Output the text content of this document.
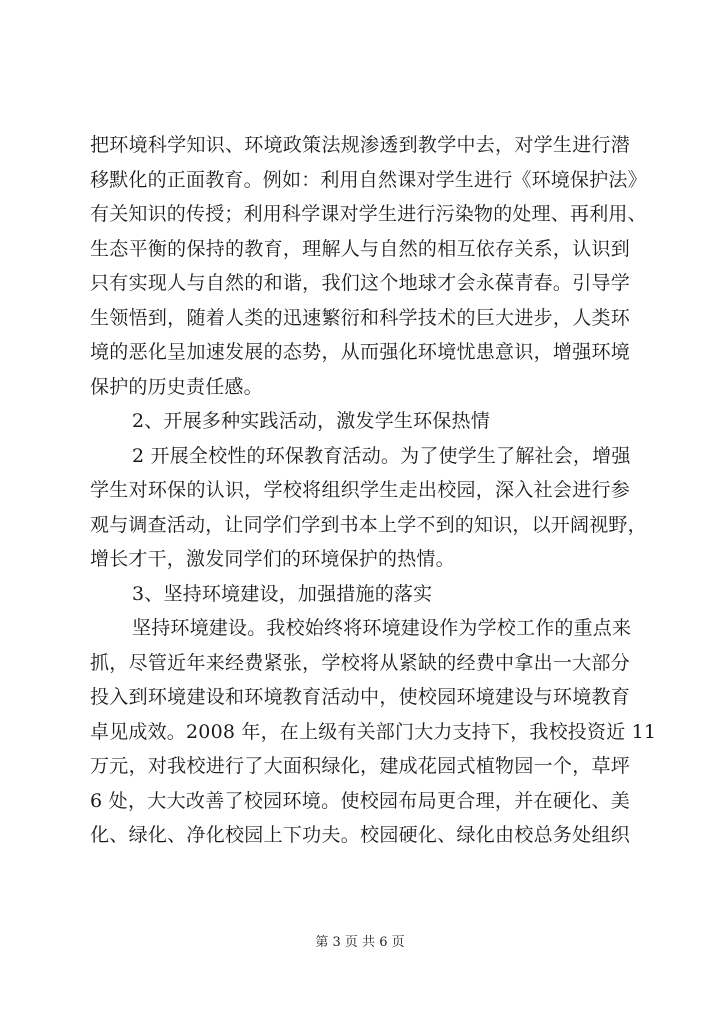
把环境科学知识、环境政策法规渗透到教学中去，对学生进行潜
移默化的正面教育。例如：利用自然课对学生进行《环境保护法》
有关知识的传授；利用科学课对学生进行污染物的处理、再利用、
生态平衡的保持的教育，理解人与自然的相互依存关系，认识到
只有实现人与自然的和谐，我们这个地球才会永葆青春。引导学
生领悟到，随着人类的迅速繁衍和科学技术的巨大进步，人类环
境的恶化呈加速发展的态势，从而强化环境忧患意识，增强环境
保护的历史责任感。
2、开展多种实践活动，激发学生环保热情
2 开展全校性的环保教育活动。为了使学生了解社会，增强
学生对环保的认识，学校将组织学生走出校园，深入社会进行参
观与调查活动，让同学们学到书本上学不到的知识，以开阔视野，
增长才干，激发同学们的环境保护的热情。
3、坚持环境建设，加强措施的落实
坚持环境建设。我校始终将环境建设作为学校工作的重点来
抓，尽管近年来经费紧张，学校将从紧缺的经费中拿出一大部分
投入到环境建设和环境教育活动中，使校园环境建设与环境教育
卓见成效。2008 年，在上级有关部门大力支持下，我校投资近 11
万元，对我校进行了大面积绿化，建成花园式植物园一个，草坪
6 处，大大改善了校园环境。使校园布局更合理，并在硬化、美
化、绿化、净化校园上下功夫。校园硬化、绿化由校总务处组织
第 3 页 共 6 页
